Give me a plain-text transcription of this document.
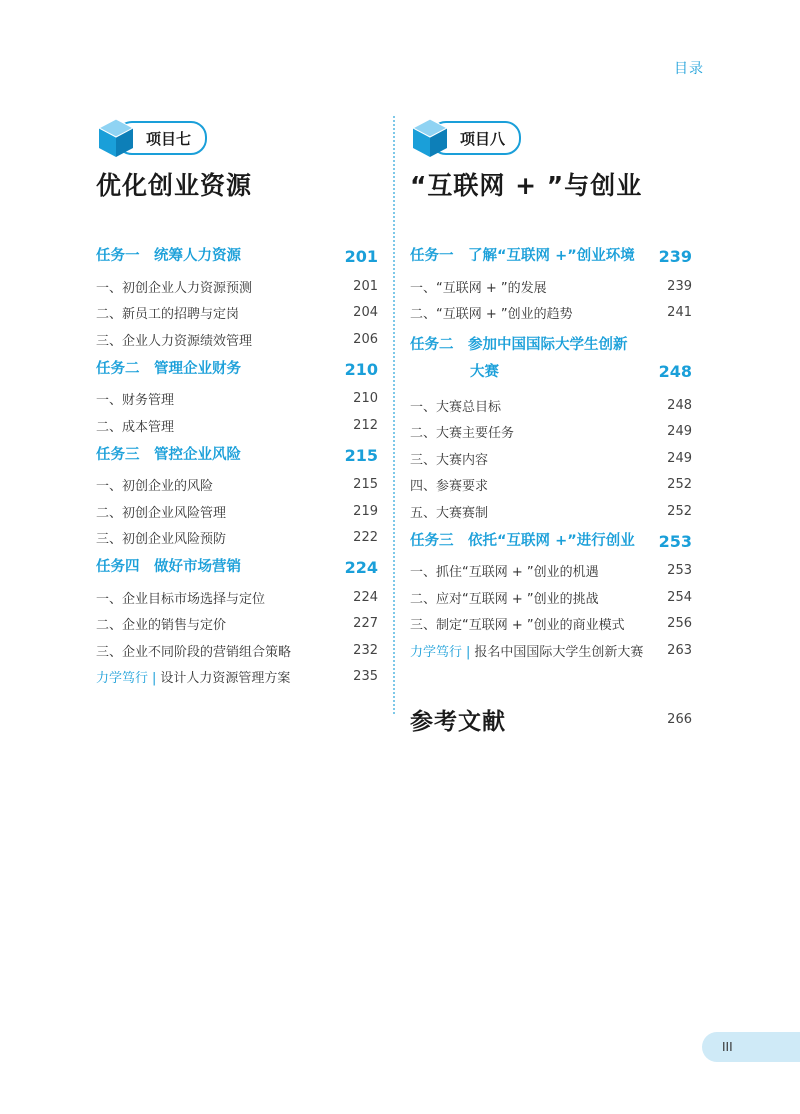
目录
项目七
优化创业资源
任务一　统筹人力资源	201
一、初创企业人力资源预测	201
二、新员工的招聘与定岗	204
三、企业人力资源绩效管理	206
任务二　管理企业财务	210
一、财务管理	210
二、成本管理	212
任务三　管控企业风险	215
一、初创企业的风险	215
二、初创企业风险管理	219
三、初创企业风险预防	222
任务四　做好市场营销	224
一、企业目标市场选择与定位	224
二、企业的销售与定价	227
三、企业不同阶段的营销组合策略	232
力学笃行 | 设计人力资源管理方案	235
项目八
“互联网 + ”与创业
任务一　了解“互联网 +”创业环境 239
一、“互联网 + ”的发展	239
二、“互联网 + ”创业的趋势	241
任务二　参加中国国际大学生创新
大赛	248
一、大赛总目标	248
二、大赛主要任务	249
三、大赛内容	249
四、参赛要求	252
五、大赛赛制	252
任务三　依托“互联网 +”进行创业 253
一、抓住“互联网 + ”创业的机遇	253
二、应对“互联网 + ”创业的挑战	254
三、制定“互联网 + ”创业的商业模式	256
力学笃行 | 报名中国国际大学生创新大赛 263
参考文献	266
III
